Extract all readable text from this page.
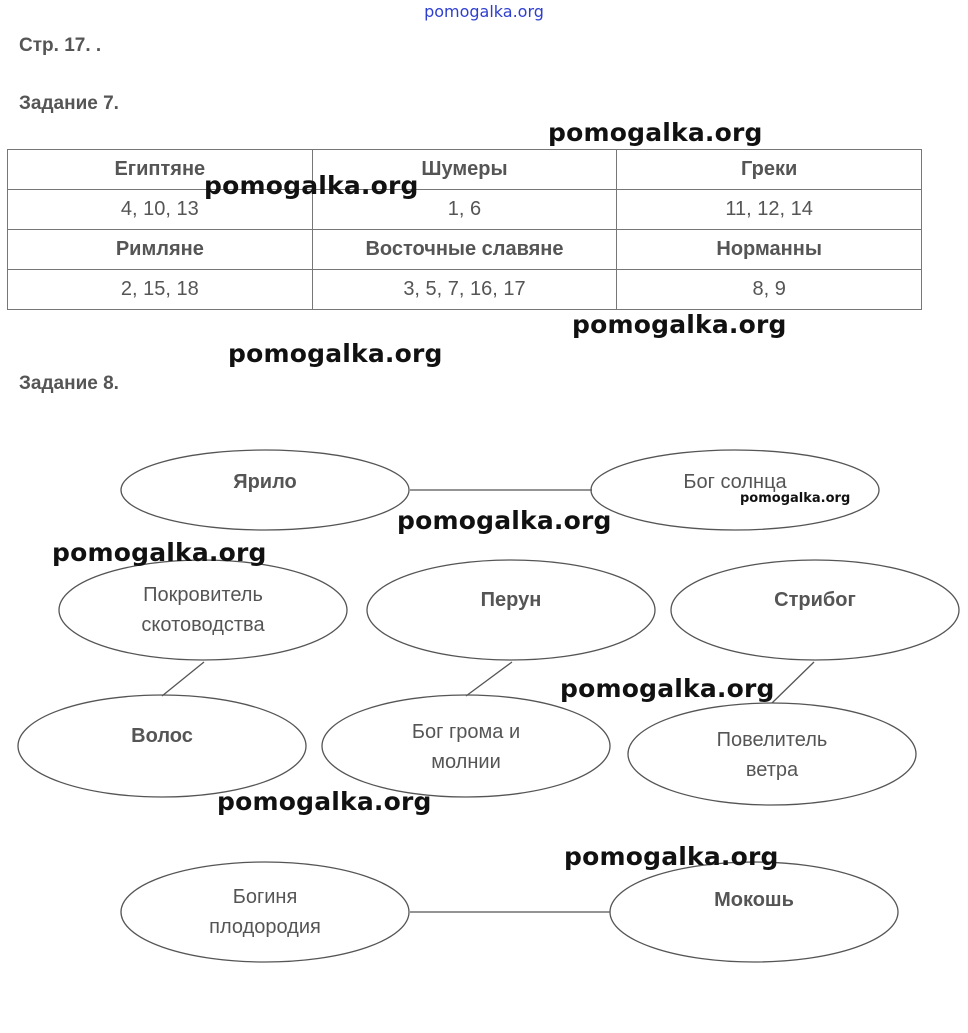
pomogalka.org
Стр. 17. .
Задание 7.
Египтяне	Шумеры	Греки
4, 10, 13	1, 6	11, 12, 14
Римляне	Восточные славяне	Норманны
2, 15, 18	3, 5, 7, 16, 17	8, 9
Задание 8.
Ярило	Бог солнца
Покровитель скотоводства
Перун	Стрибог
Волос	Бог грома и молнии
Повелитель ветра
Богиня плодородия
Мокошь
pomogalka.org
pomogalka.org
pomogalka.org
pomogalka.org
pomogalka.org
pomogalka.org
pomogalka.org
pomogalka.org
pomogalka.org
pomogalka.org
